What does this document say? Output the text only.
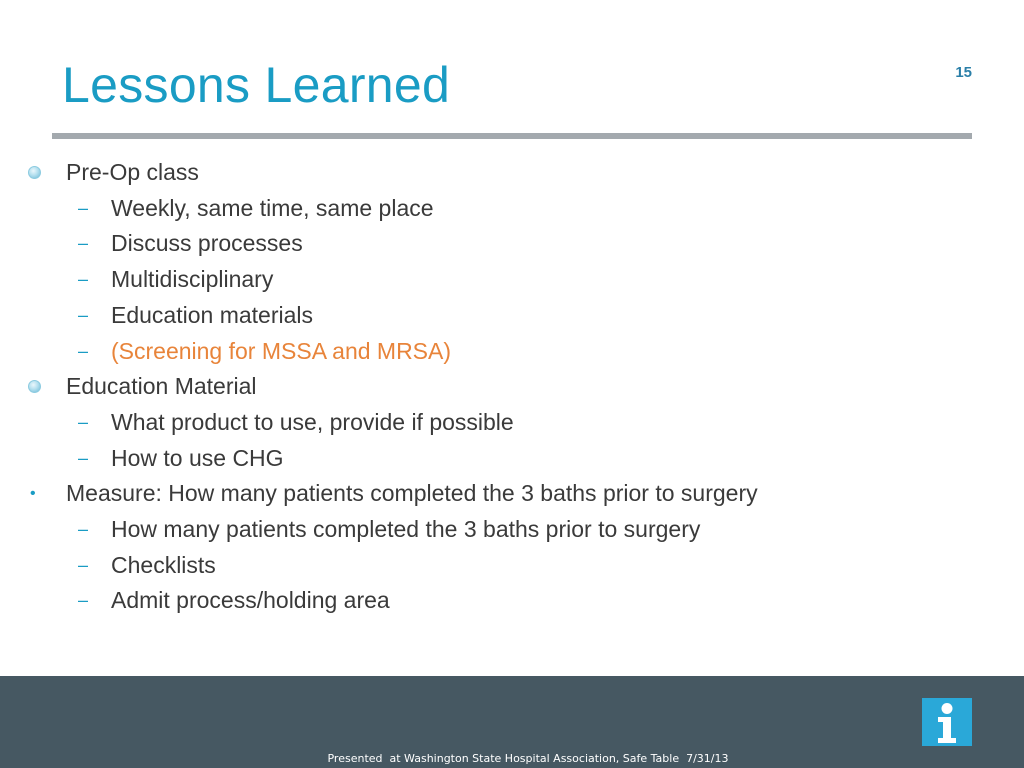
Lessons Learned	15
Pre-Op class
– Weekly, same time, same place
– Discuss processes
– Multidisciplinary
– Education materials
– (Screening for MSSA and MRSA)
Education Material
– What product to use, provide if possible
– How to use CHG
• Measure: How many patients completed the 3 baths prior to surgery
– How many patients completed the 3 baths prior to surgery
– Checklists
– Admit process/holding area
Presented  at Washington State Hospital Association, Safe Table  7/31/13
